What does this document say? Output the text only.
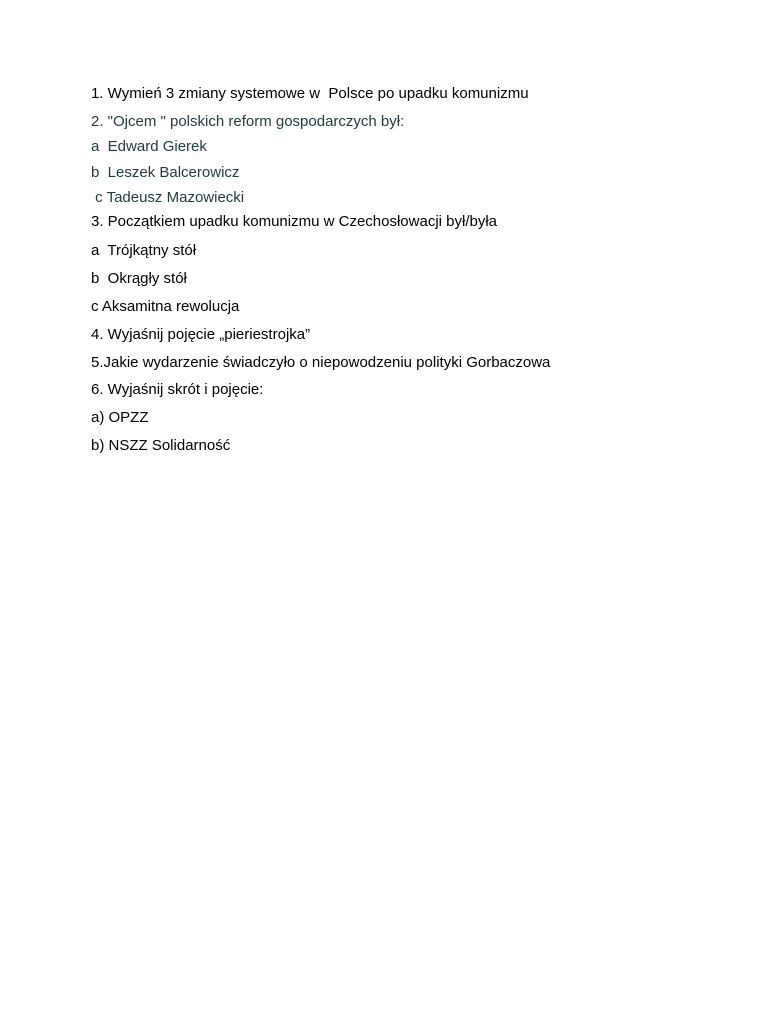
1. Wymień 3 zmiany systemowe w  Polsce po upadku komunizmu
2. "Ojcem " polskich reform gospodarczych był:
a  Edward Gierek
b  Leszek Balcerowicz
c Tadeusz Mazowiecki
3. Początkiem upadku komunizmu w Czechosłowacji był/była
a  Trójkątny stół
b  Okrągły stół
c Aksamitna rewolucja
4. Wyjaśnij pojęcie „pieriestrojka”
5.Jakie wydarzenie świadczyło o niepowodzeniu polityki Gorbaczowa
6. Wyjaśnij skrót i pojęcie:
a) OPZZ
b) NSZZ Solidarność
